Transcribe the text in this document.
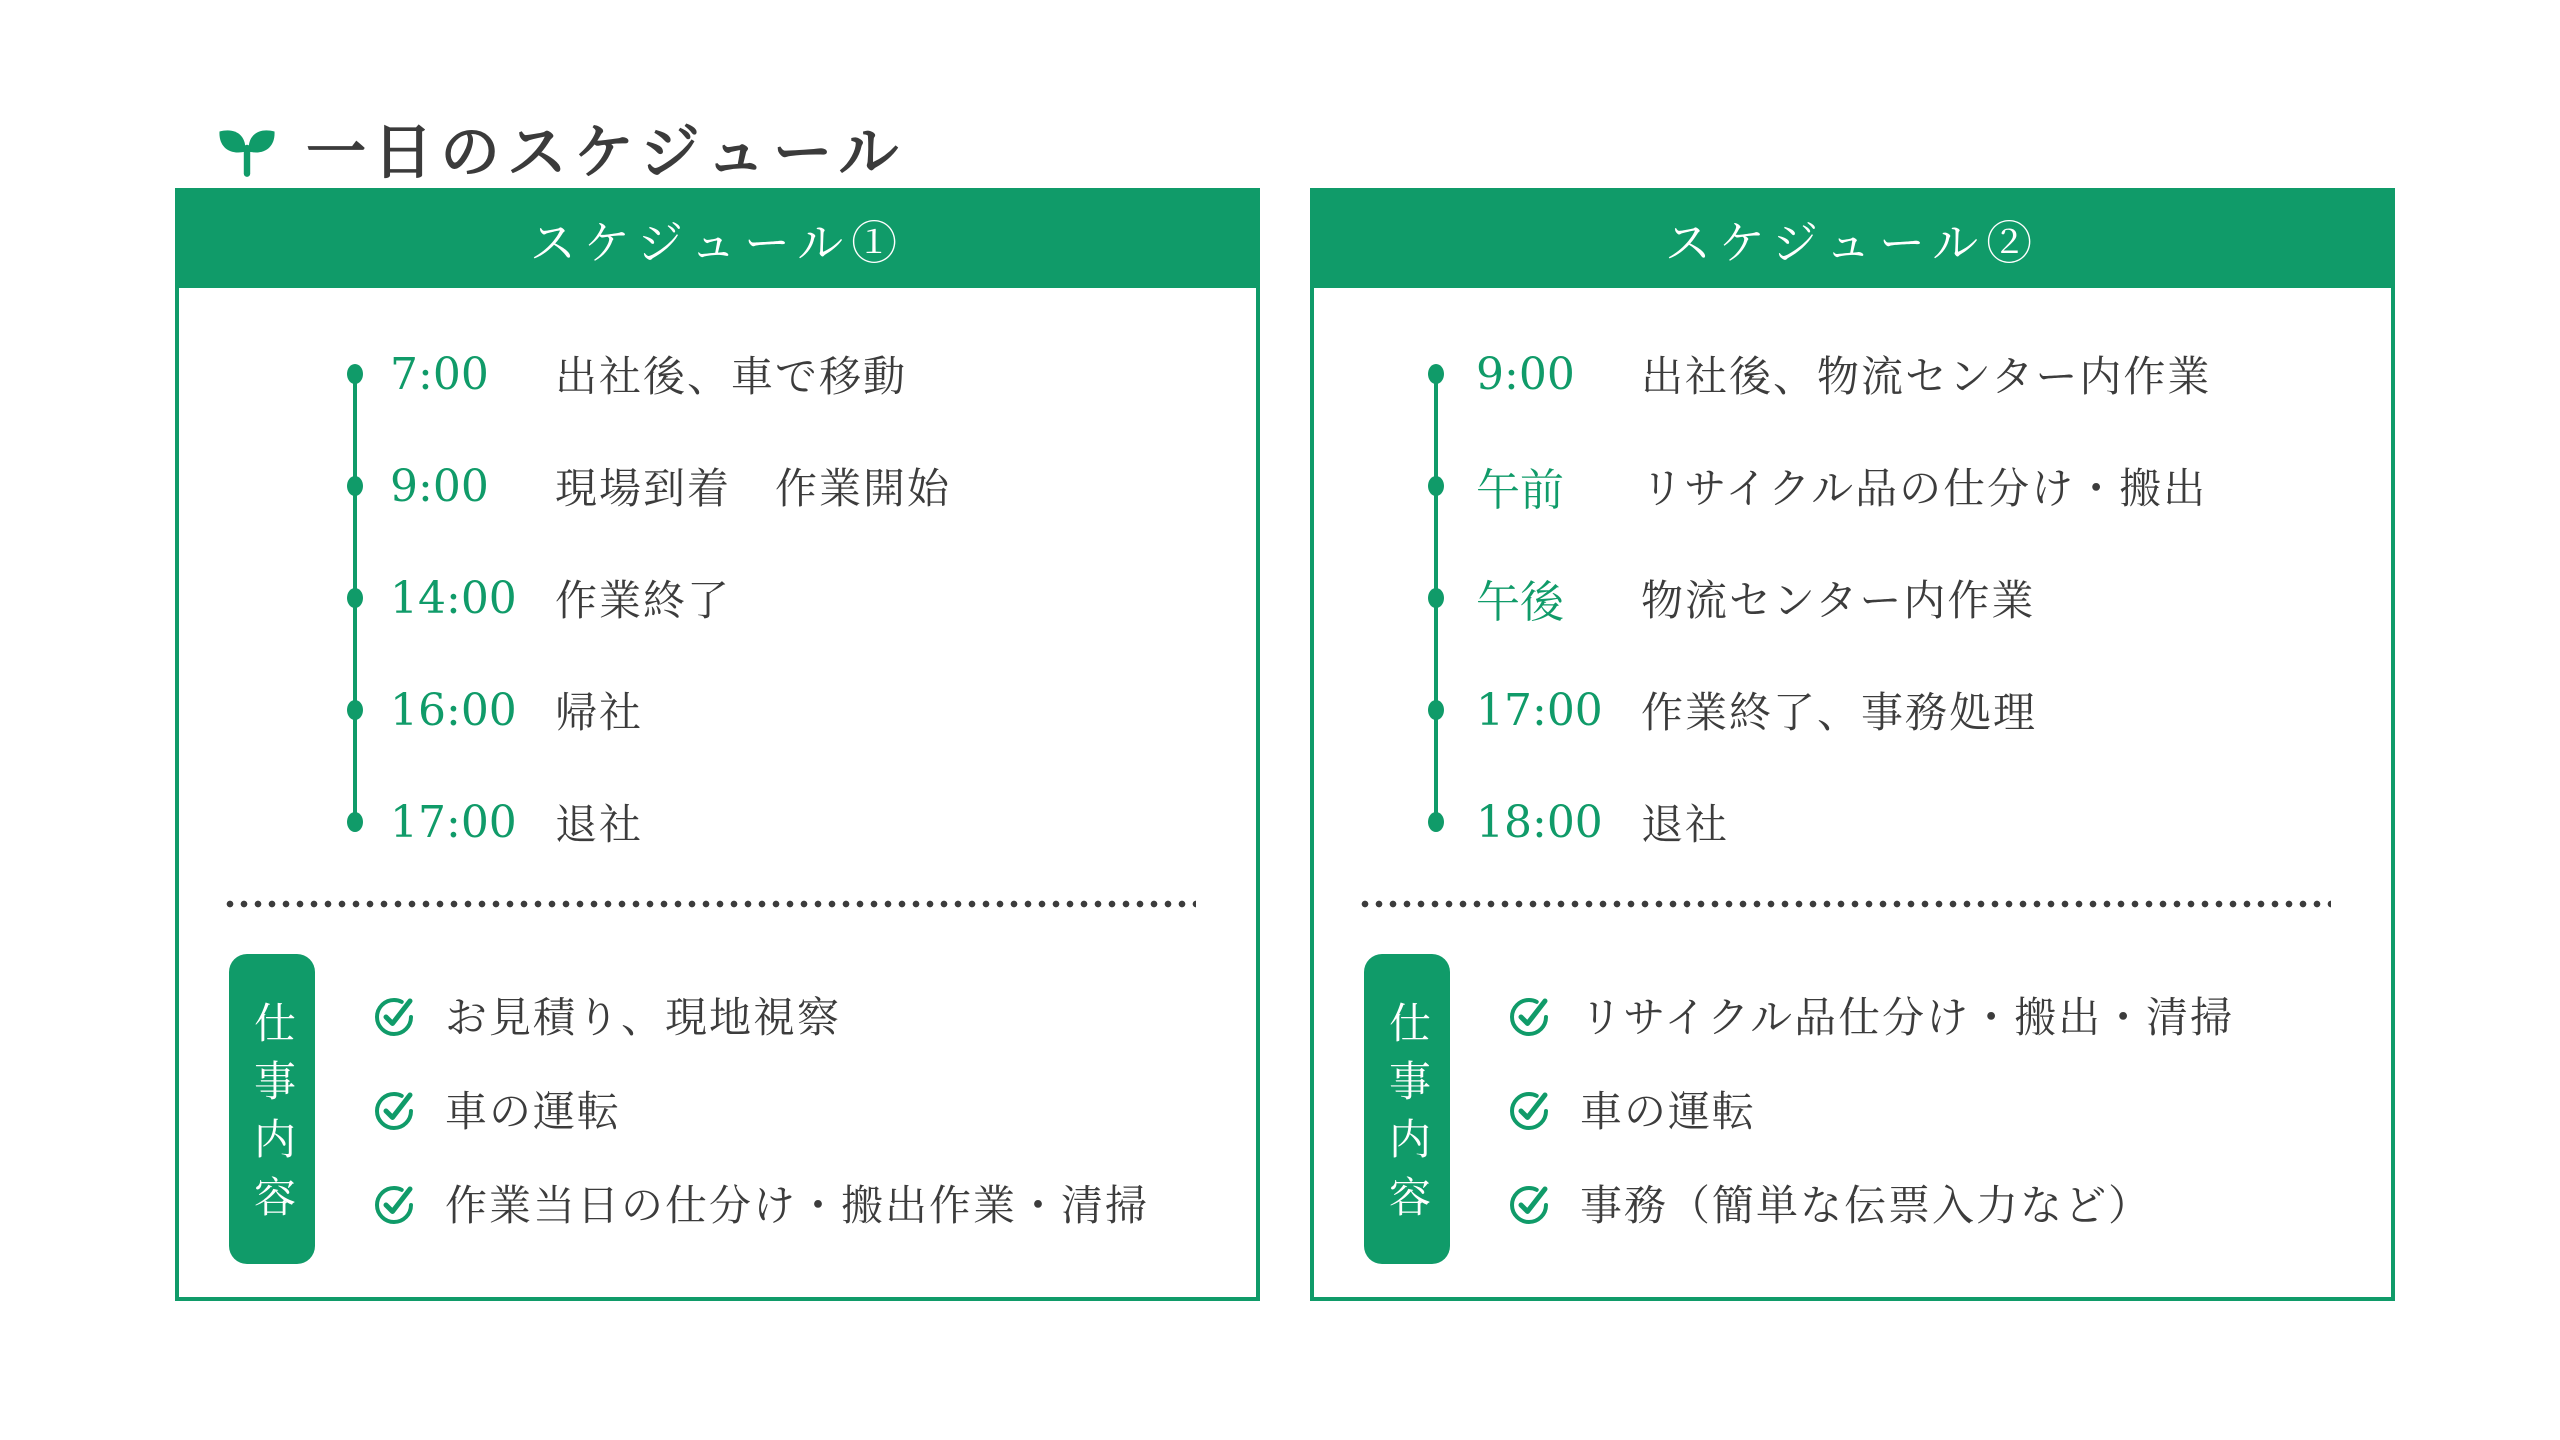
一日のスケジュール
スケジュール①
7:00	出社後、車で移動
9:00	現場到着　作業開始
14:00 作業終了
16:00 帰社
17:00 退社
仕事内容	お見積り、現地視察
車の運転
作業当日の仕分け・搬出作業・清掃
スケジュール②
9:00	出社後、物流センター内作業
午前	リサイクル品の仕分け・搬出
午後	物流センター内作業
17:00 作業終了、事務処理
18:00 退社
仕事内容	リサイクル品仕分け・搬出・清掃
車の運転
事務（簡単な伝票入力など）
